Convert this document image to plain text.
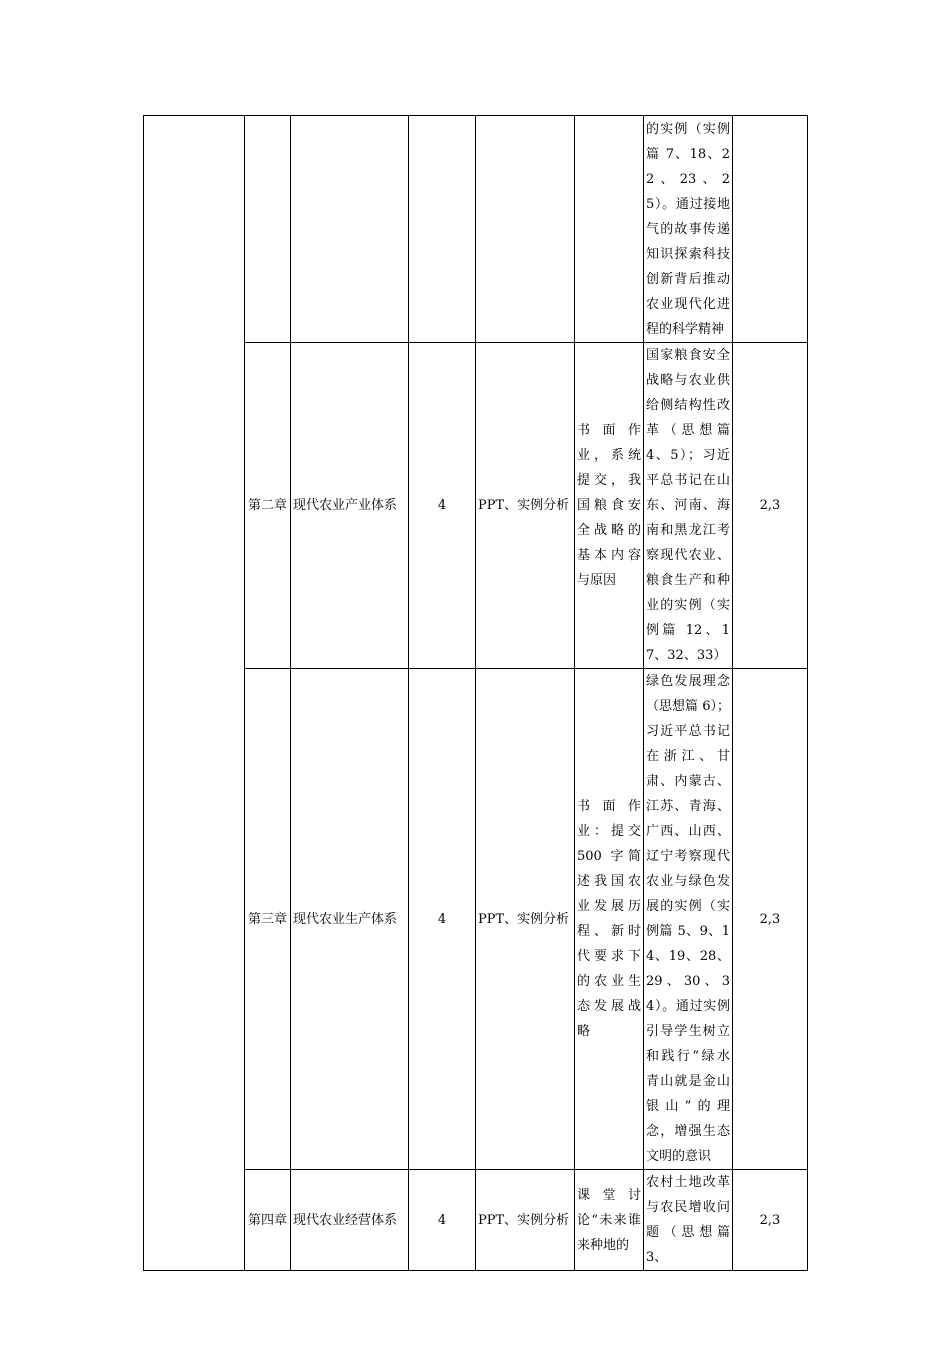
						的实例（实例篇 7、18、22、23、25）。通过接地气的故事传递知识探索科技创新背后推动农业现代化进程的科学精神	
	第二章	现代农业产业体系	4	PPT、实例分析	书面作业，系统提交，我国粮食安全战略的基本内容与原因	国家粮食安全战略与农业供给侧结构性改革（思想篇 4、5）；习近平总书记在山东、河南、海南和黑龙江考察现代农业、粮食生产和种业的实例（实例篇 12、17、32、33）	2,3
	第三章	现代农业生产体系	4	PPT、实例分析	书面作业：提交 500 字简述我国农业发展历程、新时代要求下的农业生态发展战略	绿色发展理念（思想篇 6）；习近平总书记在浙江、甘肃、内蒙古、江苏、青海、广西、山西、辽宁考察现代农业与绿色发展的实例（实例篇 5、9、14、19、28、29、30、34）。通过实例引导学生树立和践行“绿水青山就是金山银山”的理念，增强生态文明的意识	2,3
	第四章	现代农业经营体系	4	PPT、实例分析	课堂讨论“未来谁来种地的	农村土地改革与农民增收问题（思想篇 3、	2,3
